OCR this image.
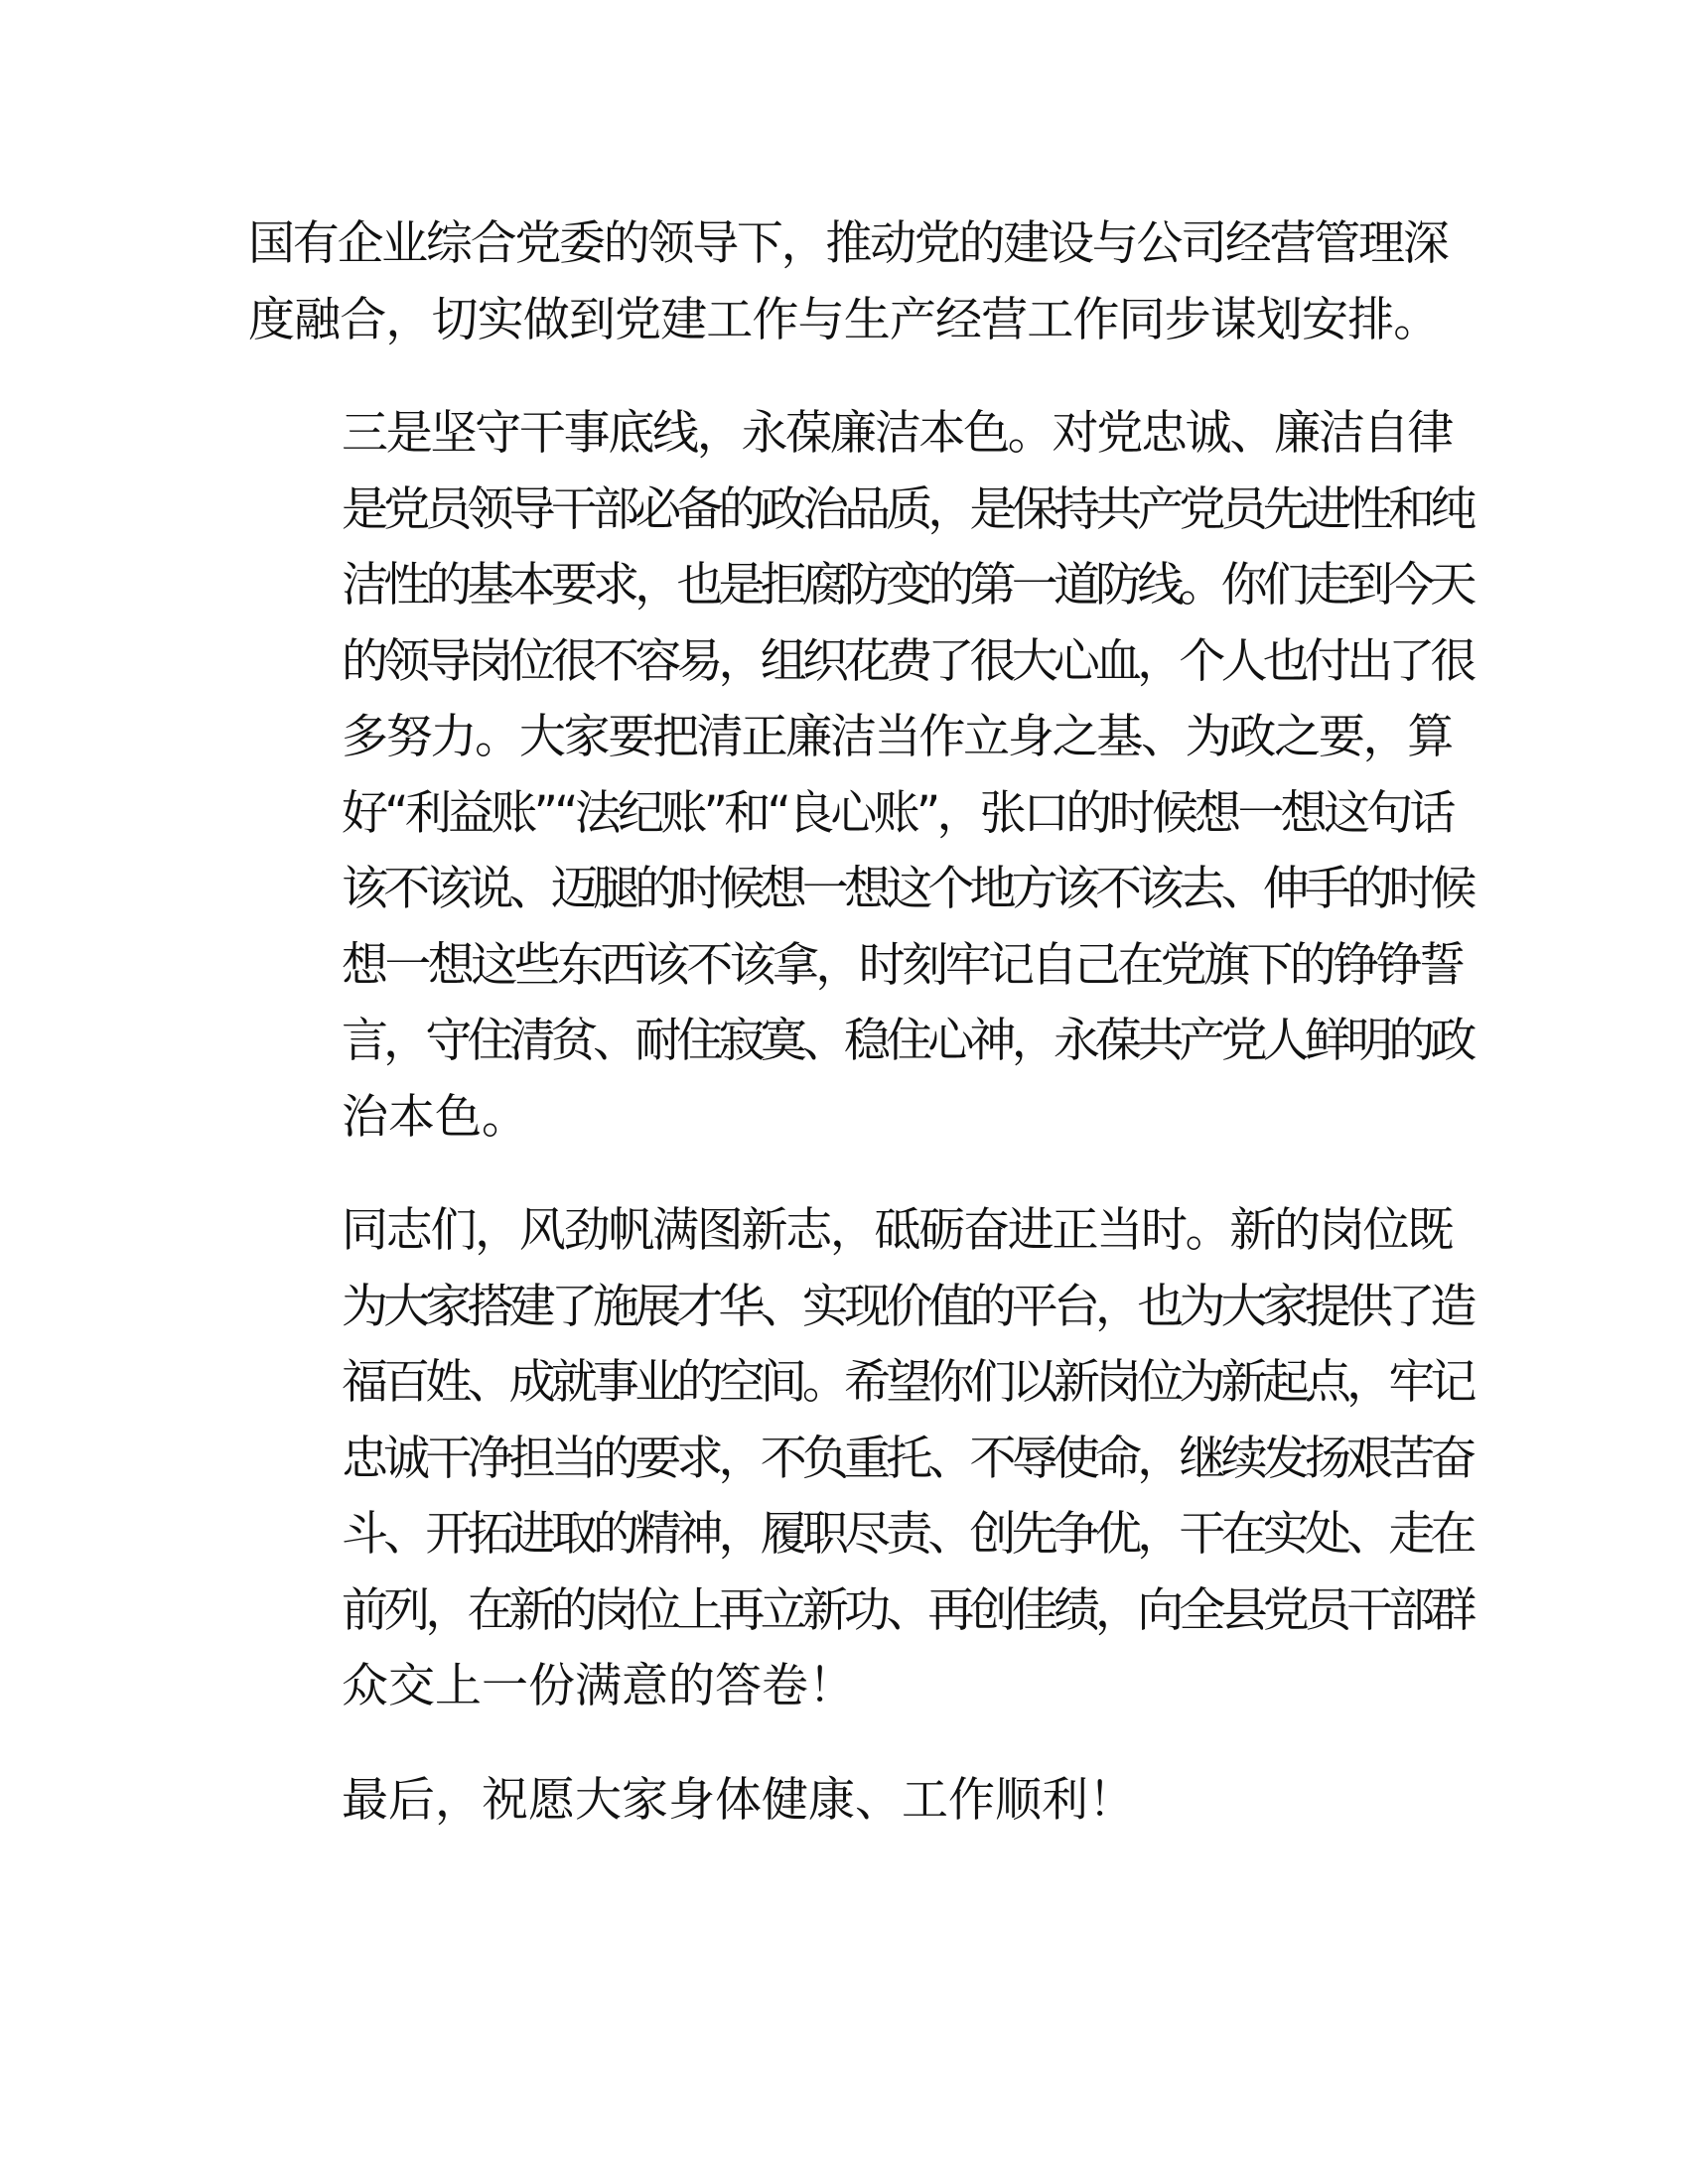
国有企业综合党委的领导下，推动党的建设与公司经营管理深
度融合，切实做到党建工作与生产经营工作同步谋划安排。
三是坚守干事底线，永葆廉洁本色。对党忠诚、廉洁自律
是党员领导干部必备的政治品质，是保持共产党员先进性和纯
洁性的基本要求，也是拒腐防变的第一道防线。你们走到今天
的领导岗位很不容易，组织花费了很大心血，个人也付出了很
多努力。大家要把清正廉洁当作立身之基、为政之要，算
好“利益账”“法纪账”和“良心账”，张口的时候想一想这句话
该不该说、迈腿的时候想一想这个地方该不该去、伸手的时候
想一想这些东西该不该拿，时刻牢记自己在党旗下的铮铮誓
言，守住清贫、耐住寂寞、稳住心神，永葆共产党人鲜明的政
治本色。
同志们，风劲帆满图新志，砥砺奋进正当时。新的岗位既
为大家搭建了施展才华、实现价值的平台，也为大家提供了造
福百姓、成就事业的空间。希望你们以新岗位为新起点，牢记
忠诚干净担当的要求，不负重托、不辱使命，继续发扬艰苦奋
斗、开拓进取的精神，履职尽责、创先争优，干在实处、走在
前列，在新的岗位上再立新功、再创佳绩，向全县党员干部群
众交上一份满意的答卷！
最后，祝愿大家身体健康、工作顺利！
